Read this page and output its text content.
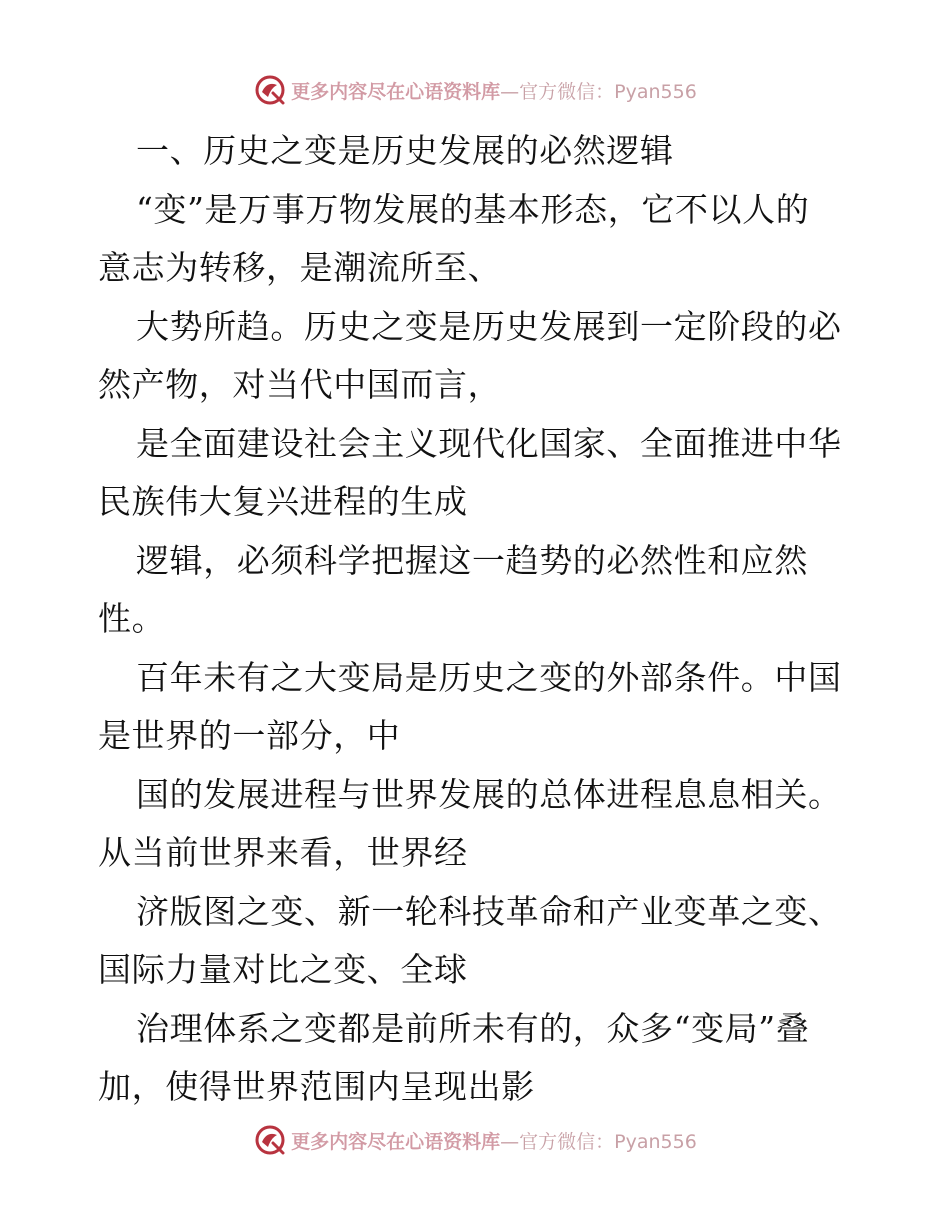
更多内容尽在心语资料库—官方微信：Pyan556
一、历史之变是历史发展的必然逻辑
“变”是万事万物发展的基本形态，它不以人的
意志为转移，是潮流所至、
大势所趋。历史之变是历史发展到一定阶段的必
然产物，对当代中国而言，
是全面建设社会主义现代化国家、全面推进中华
民族伟大复兴进程的生成
逻辑，必须科学把握这一趋势的必然性和应然
性。
百年未有之大变局是历史之变的外部条件。中国
是世界的一部分，中
国的发展进程与世界发展的总体进程息息相关。
从当前世界来看，世界经
济版图之变、新一轮科技革命和产业变革之变、
国际力量对比之变、全球
治理体系之变都是前所未有的，众多“变局”叠
加，使得世界范围内呈现出影
更多内容尽在心语资料库—官方微信：Pyan556
